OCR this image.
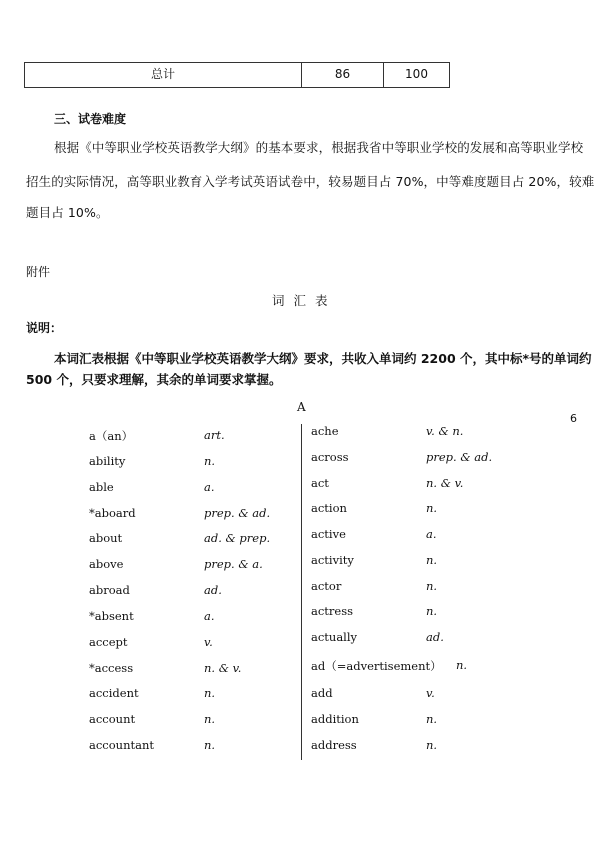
总计	86	100
三、试卷难度
根据《中等职业学校英语教学大纲》的基本要求，根据我省中等职业学校的发展和高等职业学校
招生的实际情况，高等职业教育入学考试英语试卷中，较易题目占 70%，中等难度题目占 20%，较难
题目占 10%。
附件
词汇表
说明：
本词汇表根据《中等职业学校英语教学大纲》要求，共收入单词约 2200 个，其中标*号的单词约
500 个，只要求理解，其余的单词要求掌握。
A
6
a（an）	art.
ability	n.
able	a.
*aboard	prep. & ad.
about	ad. & prep.
above	prep. & a.
abroad	ad.
*absent	a.
accept	v.
*access	n. & v.
accident	n.
account	n.
accountant	n.
ache	v. & n.
across	prep. & ad.
act	n. & v.
action	n.
active	a.
activity	n.
actor	n.
actress	n.
actually	ad.
ad（=advertisement） n.
add	v.
addition	n.
address	n.
